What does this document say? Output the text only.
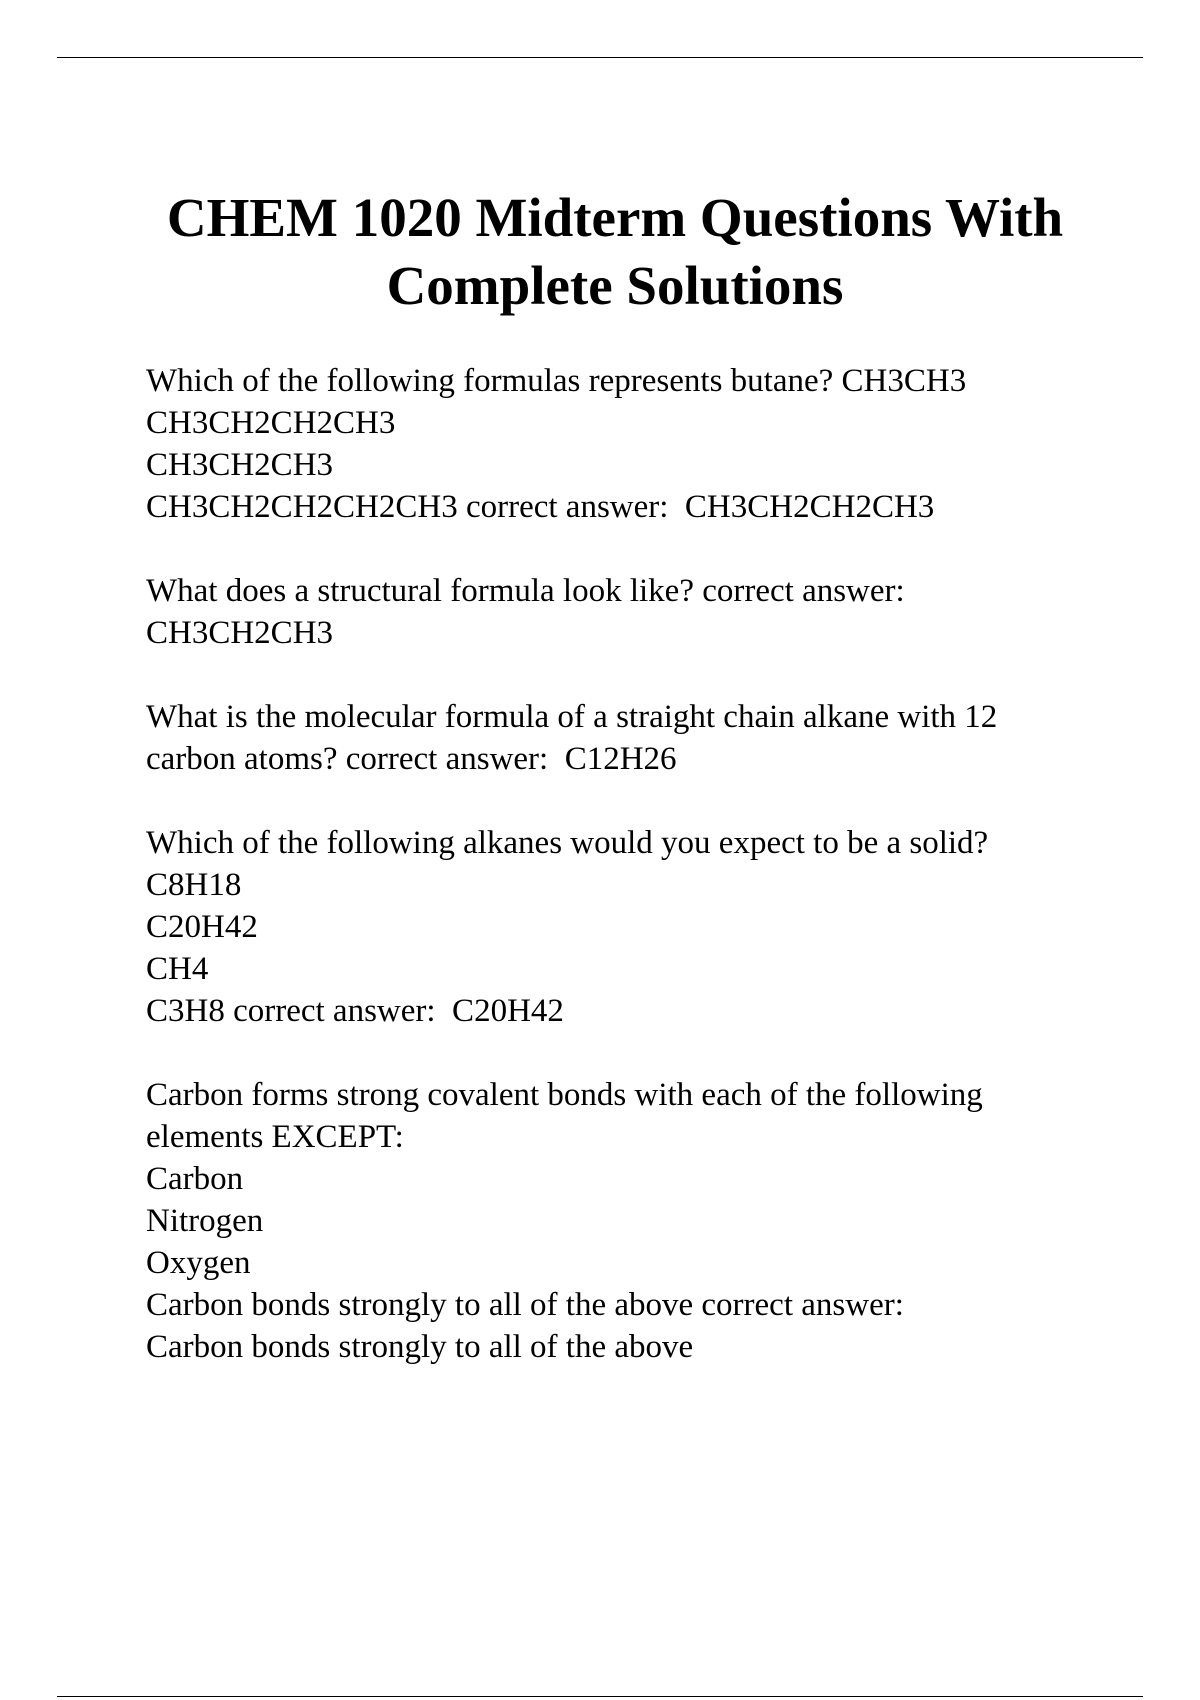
CHEM 1020 Midterm Questions With
Complete Solutions
Which of the following formulas represents butane? CH3CH3
CH3CH2CH2CH3
CH3CH2CH3
CH3CH2CH2CH2CH3 correct answer:  CH3CH2CH2CH3
What does a structural formula look like? correct answer:
CH3CH2CH3
What is the molecular formula of a straight chain alkane with 12
carbon atoms? correct answer:  C12H26
Which of the following alkanes would you expect to be a solid?
C8H18
C20H42
CH4
C3H8 correct answer:  C20H42
Carbon forms strong covalent bonds with each of the following
elements EXCEPT:
Carbon
Nitrogen
Oxygen
Carbon bonds strongly to all of the above correct answer:
Carbon bonds strongly to all of the above
